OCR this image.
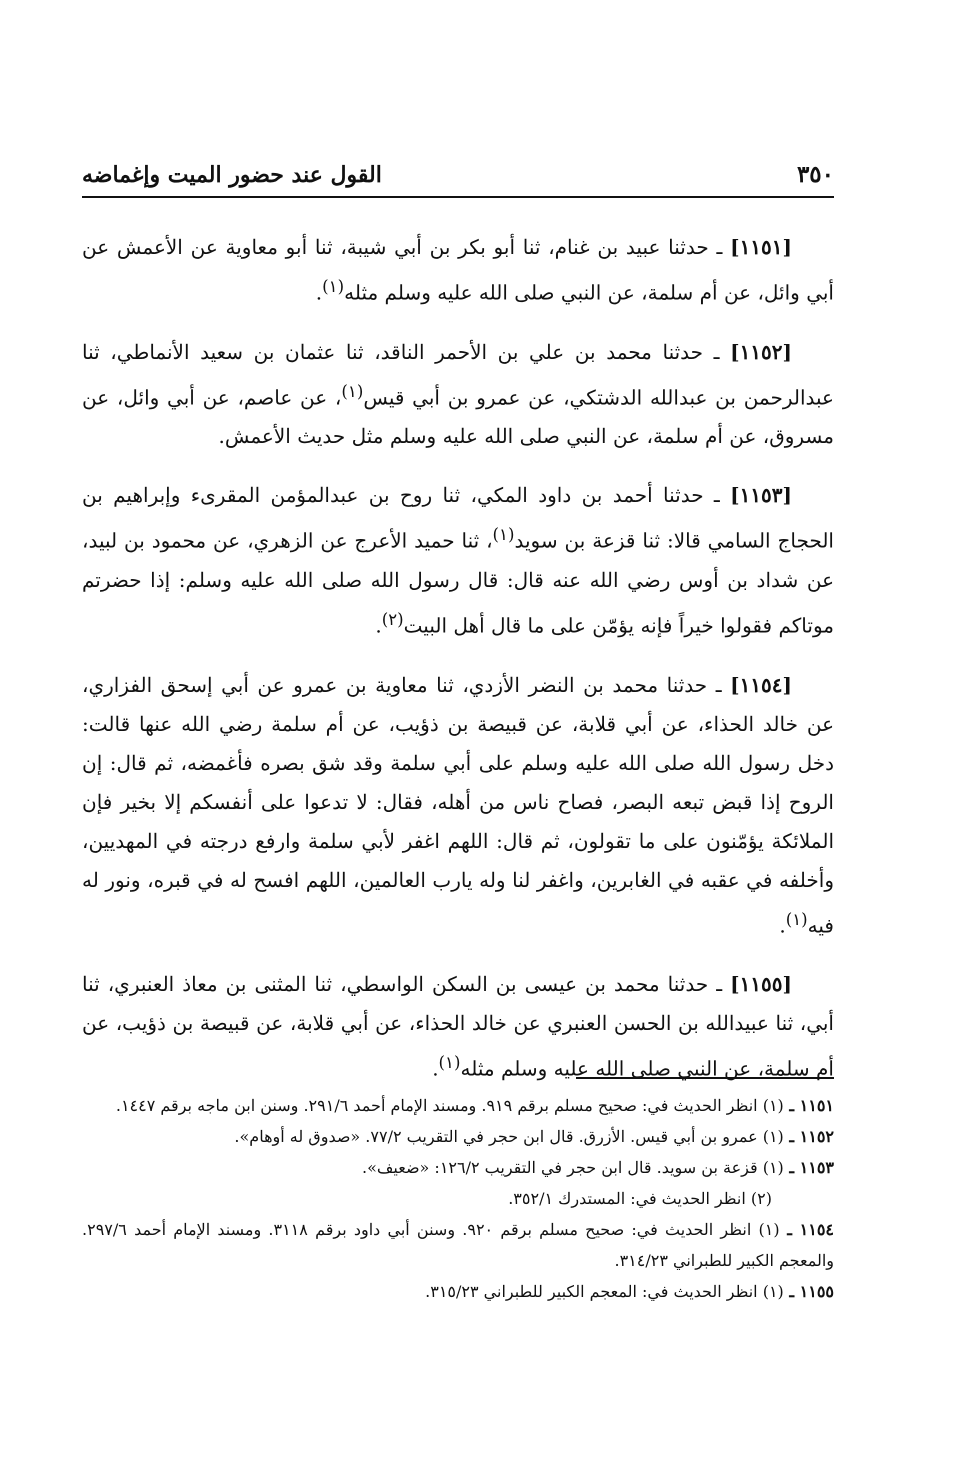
٣٥٠
القول عند حضور الميت وإغماضه

[١١٥١] ـ حدثنا عبيد بن غنام، ثنا أبو بكر بن أبي شيبة، ثنا أبو معاوية عن الأعمش عن أبي وائل، عن أم سلمة، عن النبي صلى الله عليه وسلم مثله$^{(١)}$.

[١١٥٢] ـ حدثنا محمد بن علي بن الأحمر الناقد، ثنا عثمان بن سعيد الأنماطي، ثنا عبدالرحمن بن عبدالله الدشتكي، عن عمرو بن أبي قيس$^{(١)}$، عن عاصم، عن أبي وائل، عن مسروق، عن أم سلمة، عن النبي صلى الله عليه وسلم مثل حديث الأعمش.

[١١٥٣] ـ حدثنا أحمد بن داود المكي، ثنا روح بن عبدالمؤمن المقرىء وإبراهيم بن الحجاج السامي قالا: ثنا قزعة بن سويد$^{(١)}$، ثنا حميد الأعرج عن الزهري، عن محمود بن لبيد، عن شداد بن أوس رضي الله عنه قال: قال رسول الله صلى الله عليه وسلم: إذا حضرتم موتاكم فقولوا خيراً فإنه يؤمّن على ما قال أهل البيت$^{(٢)}$.

[١١٥٤] ـ حدثنا محمد بن النضر الأزدي، ثنا معاوية بن عمرو عن أبي إسحق الفزاري، عن خالد الحذاء، عن أبي قلابة، عن قبيصة بن ذؤيب، عن أم سلمة رضي الله عنها قالت: دخل رسول الله صلى الله عليه وسلم على أبي سلمة وقد شق بصره فأغمضه، ثم قال: إن الروح إذا قبض تبعه البصر، فصاح ناس من أهله، فقال: لا تدعوا على أنفسكم إلا بخير فإن الملائكة يؤمّنون على ما تقولون، ثم قال: اللهم اغفر لأبي سلمة وارفع درجته في المهديين، وأخلفه في عقبه في الغابرين، واغفر لنا وله يارب العالمين، اللهم افسح له في قبره، ونور له فيه$^{(١)}$.

[١١٥٥] ـ حدثنا محمد بن عيسى بن السكن الواسطي، ثنا المثنى بن معاذ العنبري، ثنا أبي، ثنا عبيدالله بن الحسن العنبري عن خالد الحذاء، عن أبي قلابة، عن قبيصة بن ذؤيب، عن أم سلمة، عن النبي صلى الله عليه وسلم مثله$^{(١)}$.

١١٥١ ـ (١) انظر الحديث في: صحيح مسلم برقم ٩١٩. ومسند الإمام أحمد ٢٩١/٦. وسنن ابن ماجه برقم ١٤٤٧.

١١٥٢ ـ (١) عمرو بن أبي قيس. الأزرق. قال ابن حجر في التقريب ٧٧/٢. «صدوق له أوهام».

١١٥٣ ـ (١) قزعة بن سويد. قال ابن حجر في التقريب ١٢٦/٢: «ضعيف».

(٢) انظر الحديث في: المستدرك ٣٥٢/١.

١١٥٤ ـ (١) انظر الحديث في: صحيح مسلم برقم ٩٢٠. وسنن أبي داود برقم ٣١١٨. ومسند الإمام أحمد ٢٩٧/٦. والمعجم الكبير للطبراني ٣١٤/٢٣.

١١٥٥ ـ (١) انظر الحديث في: المعجم الكبير للطبراني ٣١٥/٢٣.
